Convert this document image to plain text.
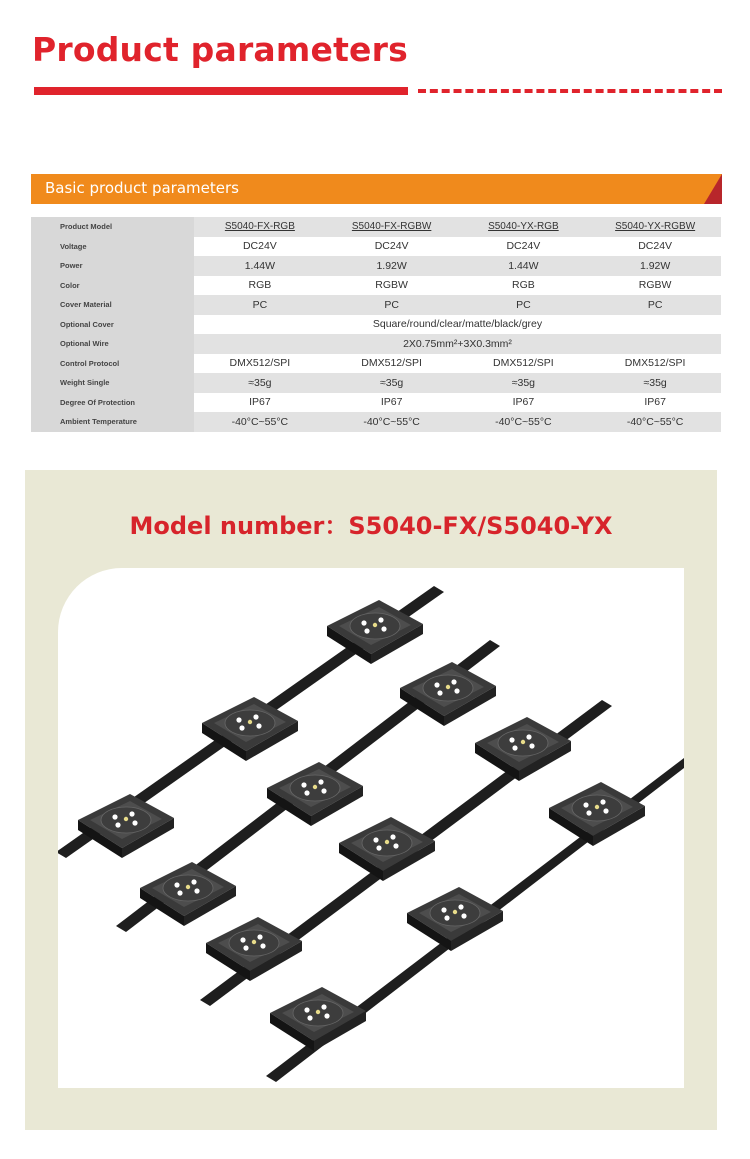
Product parameters
Basic product parameters
Product Model	S5040-FX-RGB	S5040-FX-RGBW	S5040-YX-RGB	S5040-YX-RGBW
Voltage	DC24V	DC24V	DC24V	DC24V
Power	1.44W	1.92W	1.44W	1.92W
Color	RGB	RGBW	RGB	RGBW
Cover Material	PC	PC	PC	PC
Optional Cover	Square/round/clear/matte/black/grey			
Optional Wire	2X0.75mm²+3X0.3mm²			
Control Protocol	DMX512/SPI	DMX512/SPI	DMX512/SPI	DMX512/SPI
Weight Single	≈35g	≈35g	≈35g	≈35g
Degree Of Protection	IP67	IP67	IP67	IP67
Ambient Temperature	-40°C~55°C	-40°C~55°C	-40°C~55°C	-40°C~55°C
Model number：S5040-FX/S5040-YX
